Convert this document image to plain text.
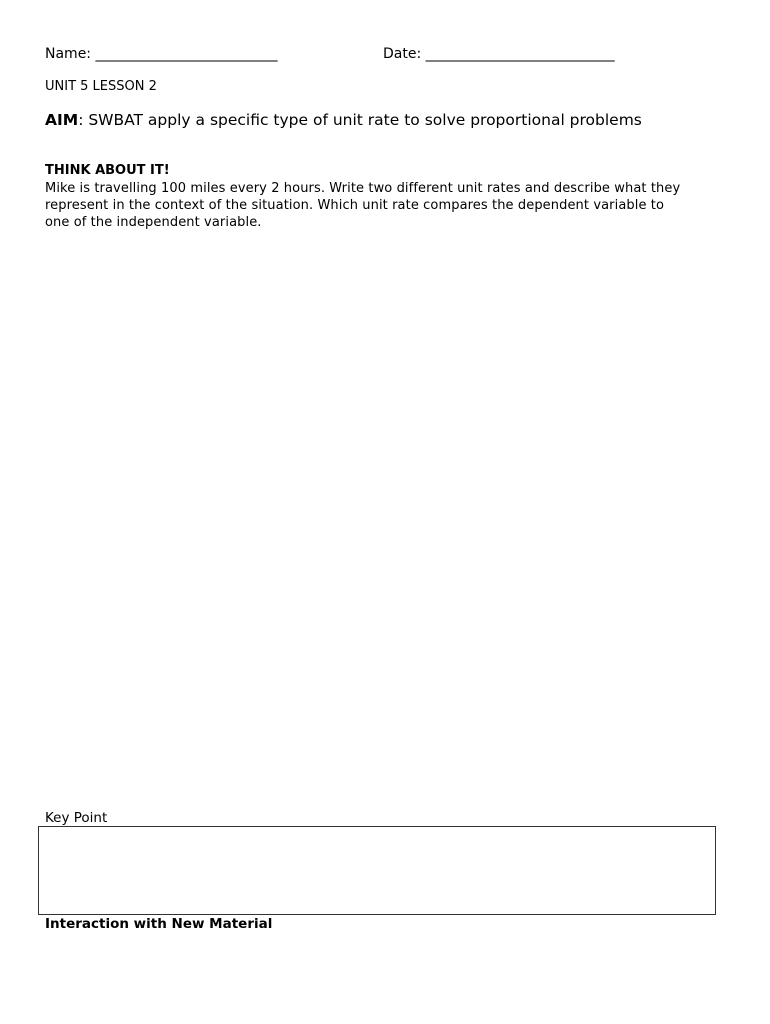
Name: __________________________	Date: ___________________________
UNIT 5 LESSON 2
AIM: SWBAT apply a specific type of unit rate to solve proportional problems
THINK ABOUT IT!
Mike is travelling 100 miles every 2 hours. Write two different unit rates and describe what they
represent in the context of the situation. Which unit rate compares the dependent variable to
one of the independent variable.
Key Point
Interaction with New Material
